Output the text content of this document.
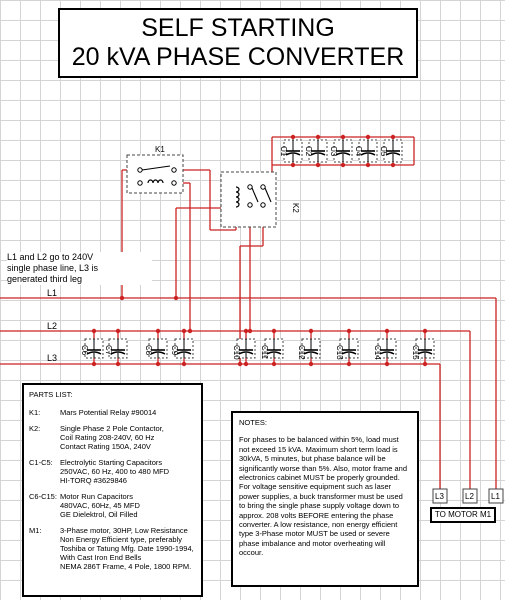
C6 C7	C8 C9	C10 C11	C12	C13	C14	C15
C1 C2 C3 C4 C5
L3	L2 L1
K1
K2
SELF STARTING
20 kVA PHASE CONVERTER
L1 and L2 go to 240V
single phase line, L3 is
generated third leg
L1
L2
L3
PARTS LIST:
K1:	Mars Potential Relay #90014
K2:	Single Phase 2 Pole Contactor,
Coil Rating 208-240V, 60 Hz
Contact Rating 150A, 240V
C1-C5: Electrolytic Starting Capacitors
250VAC, 60 Hz, 400 to 480 MFD
HI-TORQ #3629846
C6-C15: Motor Run Capacitors
480VAC, 60Hz, 45 MFD
GE Dielektrol, Oil Filled
M1:	3-Phase motor, 30HP, Low Resistance
Non Energy Efficient type, preferably
Toshiba or Tatung Mfg. Date 1990-1994,
With Cast Iron End Bells
NEMA 286T Frame, 4 Pole, 1800 RPM.
NOTES:
For phases to be balanced within 5%, load must not exceed 15 kVA. Maximum short term load is 30kVA, 5 minutes, but phase balance will be significantly worse than 5%. Also, motor frame and electronics cabinet MUST be properly grounded. For voltage sensitive equipment such as laser power supplies, a buck transformer must be used to bring the single phase supply voltage down to approx. 208 volts BEFORE entering the phase converter. A low resistance, non energy efficient type 3-Phase motor MUST be used or severe phase imbalance and motor overheating will occour.
TO MOTOR M1
